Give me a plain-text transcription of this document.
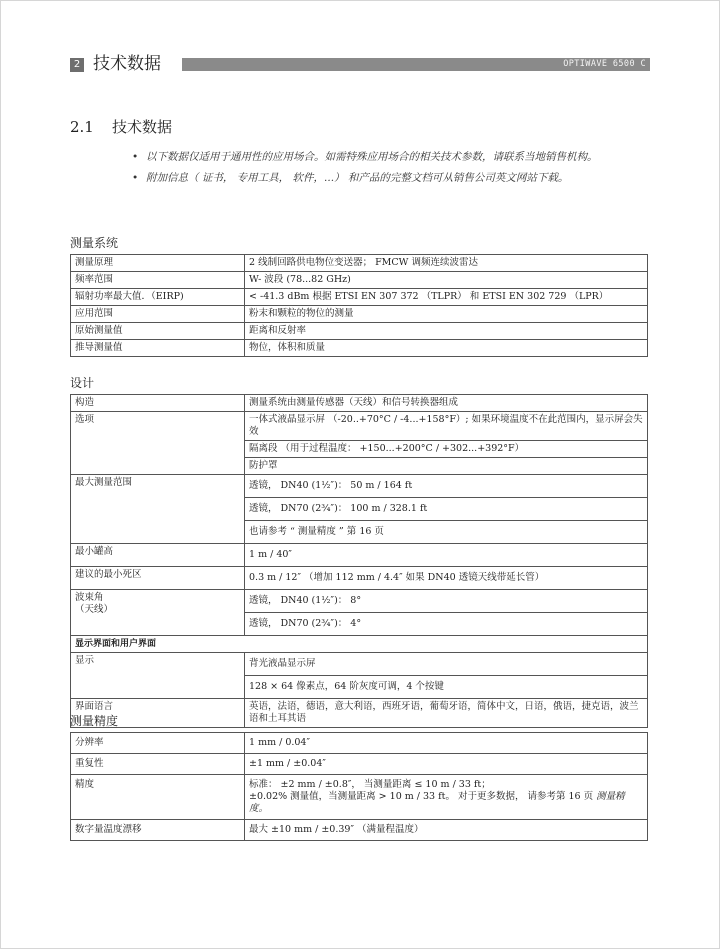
2 技术数据	OPTIWAVE 6500 C
2.1 技术数据
• 以下数据仅适用于通用性的应用场合。如需特殊应用场合的相关技术参数，请联系当地销售机构。
• 附加信息（ 证书， 专用工具， 软件，...） 和产品的完整文档可从销售公司英文网站下载。
测量系统
测量原理	2 线制回路供电物位变送器； FMCW 调频连续波雷达
频率范围	W- 波段 (78...82 GHz)
辐射功率最大值．（EIRP)	< -41.3 dBm 根据 ETSI EN 307 372 （TLPR） 和 ETSI EN 302 729 （LPR）
应用范围	粉末和颗粒的物位的测量
原始测量值	距离和反射率
推导测量值	物位，体积和质量
设计
构造	测量系统由测量传感器（天线）和信号转换器组成
选项	一体式液晶显示屏 （-20..+70°C / -4...+158°F）; 如果环境温度不在此范围内，显示屏会失效
	隔离段 （用于过程温度： +150...+200°C / +302...+392°F）
	防护罩
最大测量范围	透镜， DN40 (1½″)： 50 m / 164 ft
	透镜， DN70 (2¾″)： 100 m / 328.1 ft
	也请参考 “ 测量精度 ” 第 16 页
最小罐高	1 m / 40″
建议的最小死区	0.3 m / 12″ （增加 112 mm / 4.4″ 如果 DN40 透镜天线带延长管）

波束角
（天线）	透镜， DN40 (1½″)： 8°
	透镜， DN70 (2¾″)： 4°
显示界面和用户界面	
显示	背光液晶显示屏
	128 × 64 像素点，64 阶灰度可调，4 个按键
界面语言	英语，法语，德语，意大利语，西班牙语，葡萄牙语，简体中文，日语，俄语，捷克语，波兰语和土耳其语
测量精度
分辨率	1 mm / 0.04″
重复性	±1 mm / ±0.04″
精度	标准： ±2 mm / ±0.8″， 当测量距离 ≤ 10 m / 33 ft；
±0.02% 测量值，当测量距离 > 10 m / 33 ft。 对于更多数据， 请参考第 16 页 测量精度。

数字量温度漂移	最大 ±10 mm / ±0.39″ （满量程温度）
